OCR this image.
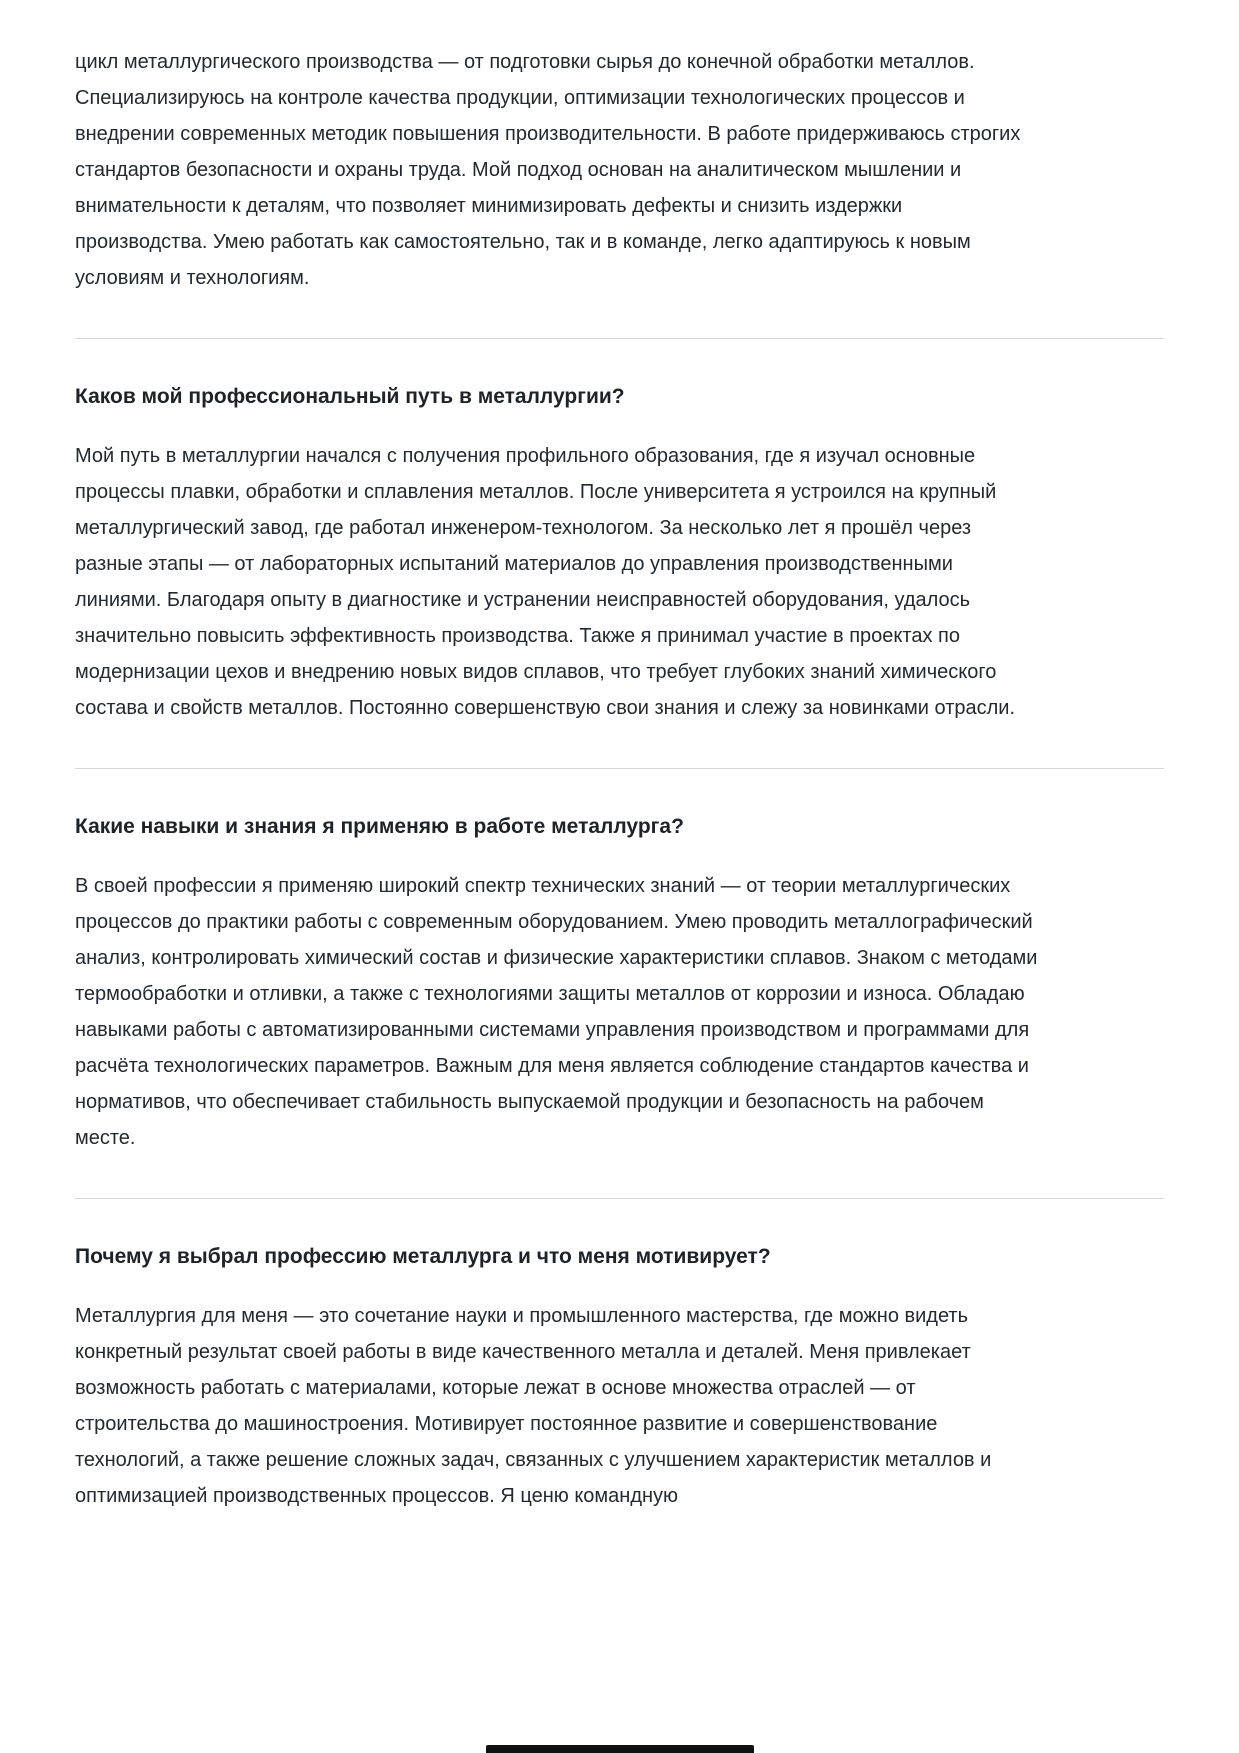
цикл металлургического производства — от подготовки сырья до конечной обработки металлов. Специализируюсь на контроле качества продукции, оптимизации технологических процессов и внедрении современных методик повышения производительности. В работе придерживаюсь строгих стандартов безопасности и охраны труда. Мой подход основан на аналитическом мышлении и внимательности к деталям, что позволяет минимизировать дефекты и снизить издержки производства. Умею работать как самостоятельно, так и в команде, легко адаптируюсь к новым условиям и технологиям.

Каков мой профессиональный путь в металлургии?

Мой путь в металлургии начался с получения профильного образования, где я изучал основные процессы плавки, обработки и сплавления металлов. После университета я устроился на крупный металлургический завод, где работал инженером-технологом. За несколько лет я прошёл через разные этапы — от лабораторных испытаний материалов до управления производственными линиями. Благодаря опыту в диагностике и устранении неисправностей оборудования, удалось значительно повысить эффективность производства. Также я принимал участие в проектах по модернизации цехов и внедрению новых видов сплавов, что требует глубоких знаний химического состава и свойств металлов. Постоянно совершенствую свои знания и слежу за новинками отрасли.

Какие навыки и знания я применяю в работе металлурга?

В своей профессии я применяю широкий спектр технических знаний — от теории металлургических процессов до практики работы с современным оборудованием. Умею проводить металлографический анализ, контролировать химический состав и физические характеристики сплавов. Знаком с методами термообработки и отливки, а также с технологиями защиты металлов от коррозии и износа. Обладаю навыками работы с автоматизированными системами управления производством и программами для расчёта технологических параметров. Важным для меня является соблюдение стандартов качества и нормативов, что обеспечивает стабильность выпускаемой продукции и безопасность на рабочем месте.

Почему я выбрал профессию металлурга и что меня мотивирует?

Металлургия для меня — это сочетание науки и промышленного мастерства, где можно видеть конкретный результат своей работы в виде качественного металла и деталей. Меня привлекает возможность работать с материалами, которые лежат в основе множества отраслей — от строительства до машиностроения. Мотивирует постоянное развитие и совершенствование технологий, а также решение сложных задач, связанных с улучшением характеристик металлов и оптимизацией производственных процессов. Я ценю командную
